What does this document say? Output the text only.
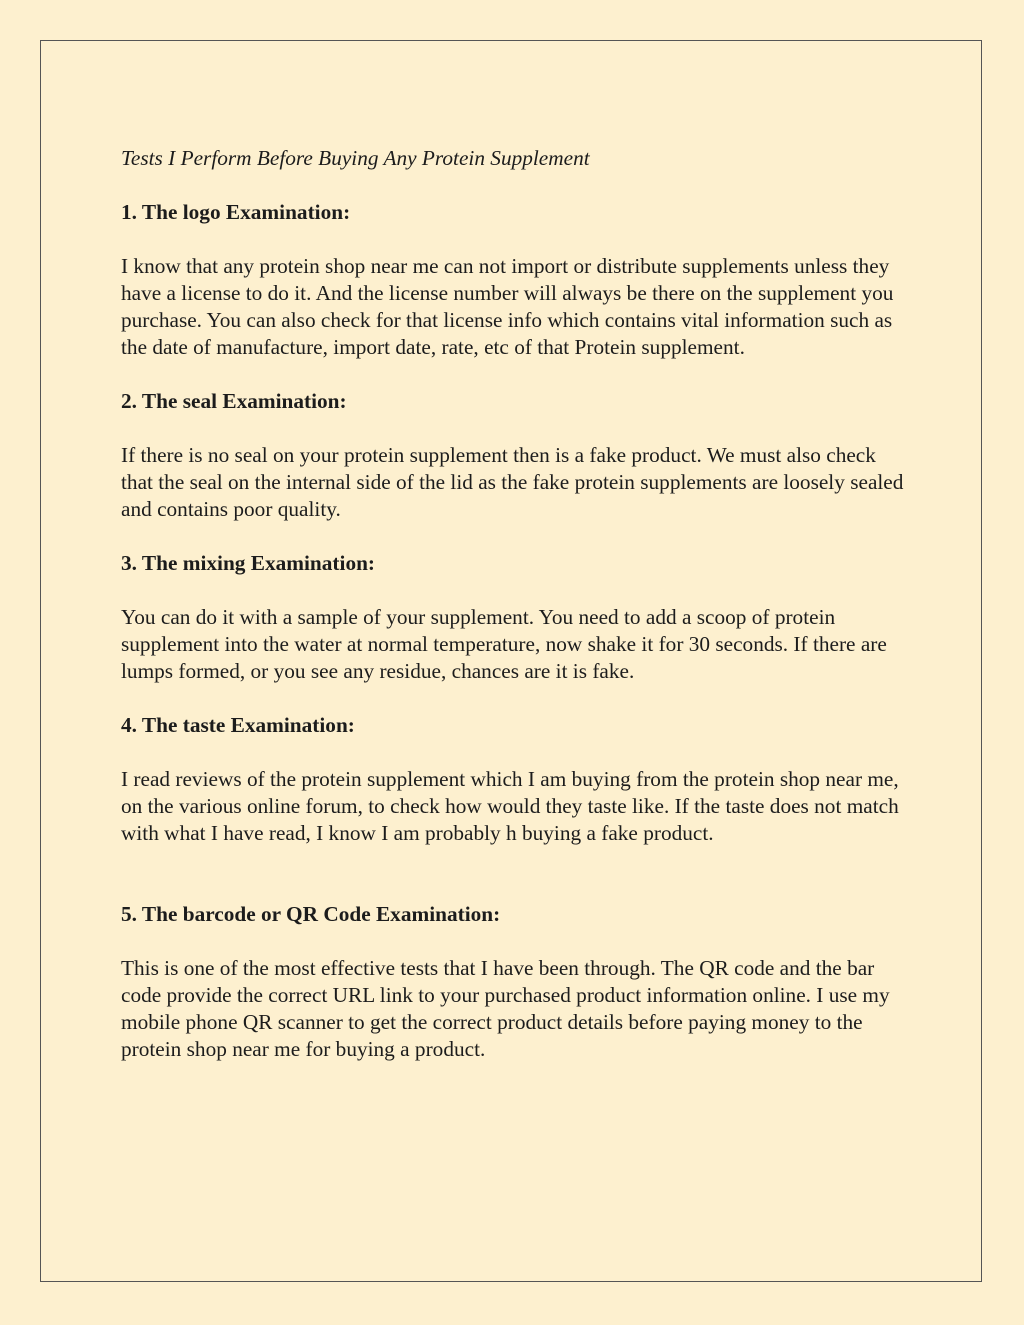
Tests I Perform Before Buying Any Protein Supplement

1. The logo Examination:

I know that any protein shop near me can not import or distribute supplements unless they have a license to do it. And the license number will always be there on the supplement you purchase. You can also check for that license info which contains vital information such as the date of manufacture, import date, rate, etc of that Protein supplement.

2. The seal Examination:

If there is no seal on your protein supplement then is a fake product. We must also check that the seal on the internal side of the lid as the fake protein supplements are loosely sealed and contains poor quality.

3. The mixing Examination:

You can do it with a sample of your supplement. You need to add a scoop of protein supplement into the water at normal temperature, now shake it for 30 seconds. If there are lumps formed, or you see any residue, chances are it is fake.

4. The taste Examination:

I read reviews of the protein supplement which I am buying from the protein shop near me, on the various online forum, to check how would they taste like. If the taste does not match with what I have read, I know I am probably h buying a fake product.

5. The barcode or QR Code Examination:

This is one of the most effective tests that I have been through. The QR code and the bar code provide the correct URL link to your purchased product information online. I use my mobile phone QR scanner to get the correct product details before paying money to the protein shop near me for buying a product.
